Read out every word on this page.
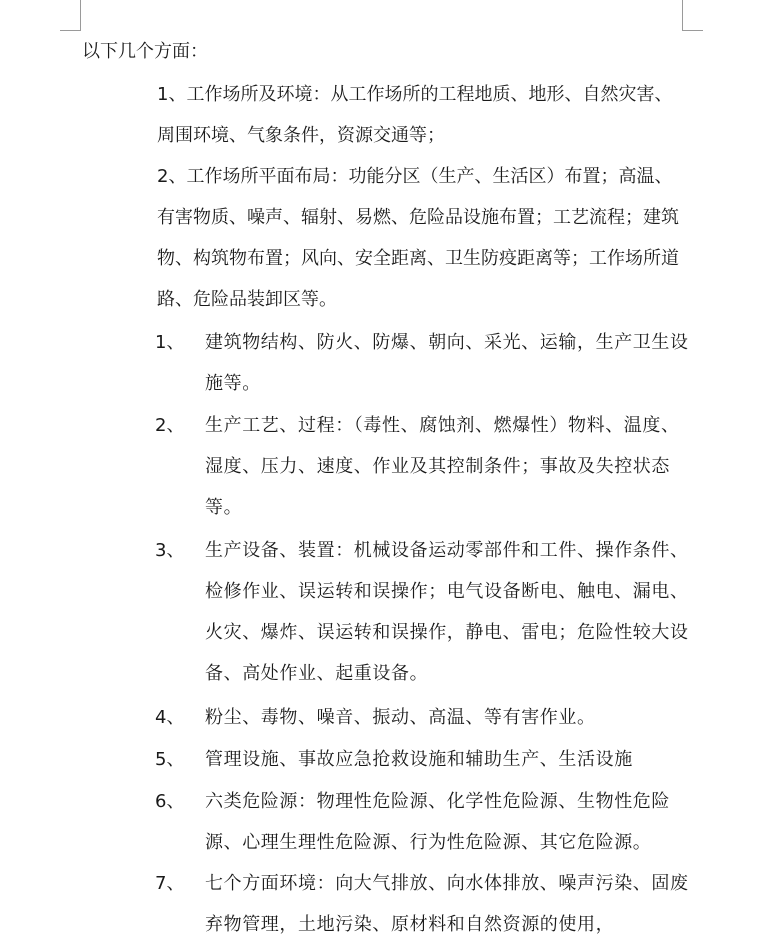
以下几个方面：
1、工作场所及环境：从工作场所的工程地质、地形、自然灾害、周围环境、气象条件，资源交通等；
2、工作场所平面布局：功能分区（生产、生活区）布置；高温、有害物质、噪声、辐射、易燃、危险品设施布置；工艺流程；建筑物、构筑物布置；风向、安全距离、卫生防疫距离等；工作场所道路、危险品装卸区等。
1、	建筑物结构、防火、防爆、朝向、采光、运输，生产卫生设施等。
2、	生产工艺、过程：（毒性、腐蚀剂、燃爆性）物料、温度、湿度、压力、速度、作业及其控制条件；事故及失控状态等。
3、	生产设备、装置：机械设备运动零部件和工件、操作条件、检修作业、误运转和误操作；电气设备断电、触电、漏电、火灾、爆炸、误运转和误操作，静电、雷电；危险性较大设备、高处作业、起重设备。
4、	粉尘、毒物、噪音、振动、高温、等有害作业。
5、	管理设施、事故应急抢救设施和辅助生产、生活设施
6、	六类危险源：物理性危险源、化学性危险源、生物性危险源、心理生理性危险源、行为性危险源、其它危险源。
7、	七个方面环境：向大气排放、向水体排放、噪声污染、固废弃物管理，土地污染、原材料和自然资源的使用，
